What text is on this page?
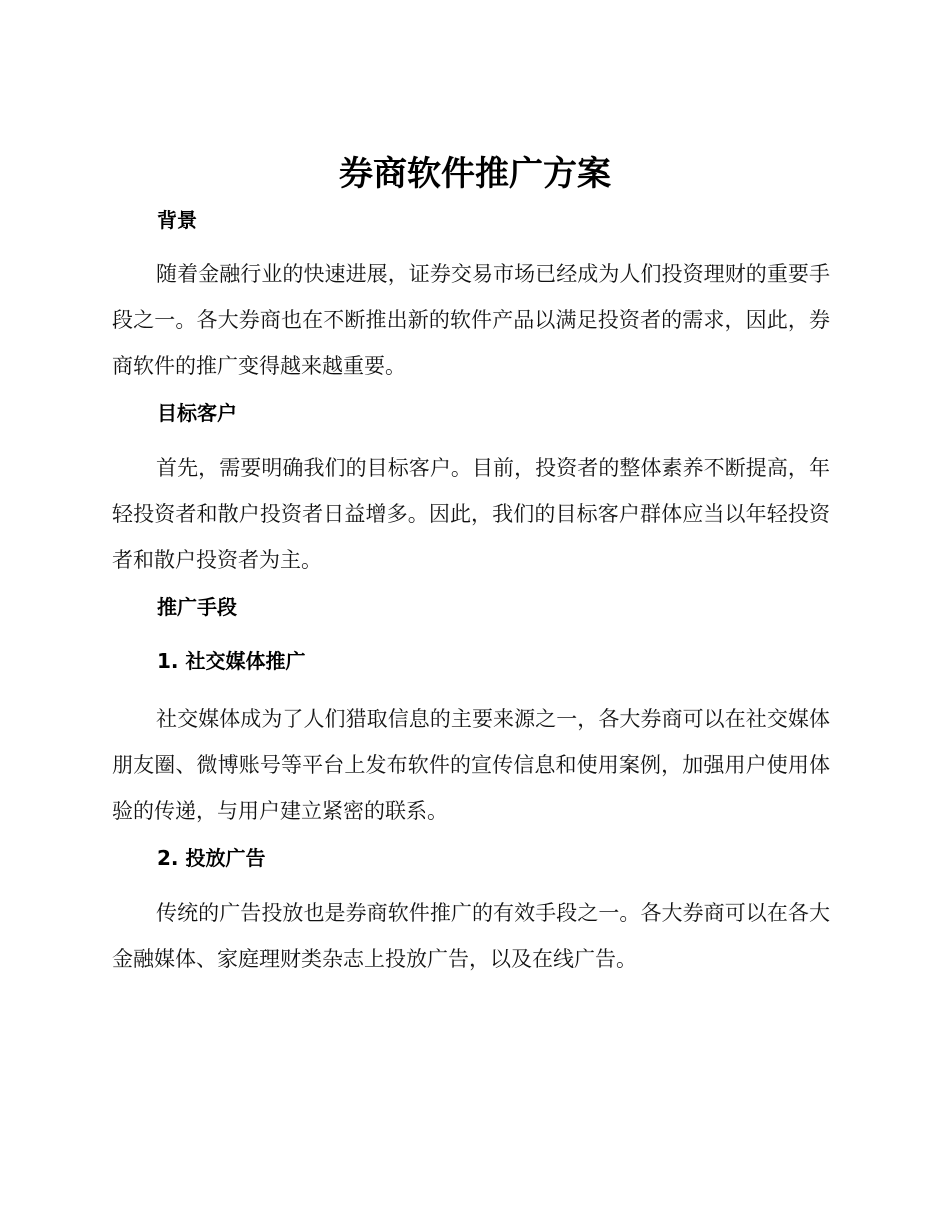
券商软件推广方案
背景

随着金融行业的快速进展，证券交易市场已经成为人们投资理财的重要手段之一。各大券商也在不断推出新的软件产品以满足投资者的需求，因此，券商软件的推广变得越来越重要。

目标客户

首先，需要明确我们的目标客户。目前，投资者的整体素养不断提高，年轻投资者和散户投资者日益增多。因此，我们的目标客户群体应当以年轻投资者和散户投资者为主。

推广手段
1. 社交媒体推广

社交媒体成为了人们猎取信息的主要来源之一，各大券商可以在社交媒体朋友圈、微博账号等平台上发布软件的宣传信息和使用案例，加强用户使用体验的传递，与用户建立紧密的联系。

2. 投放广告

传统的广告投放也是券商软件推广的有效手段之一。各大券商可以在各大金融媒体、家庭理财类杂志上投放广告，以及在线广告。
